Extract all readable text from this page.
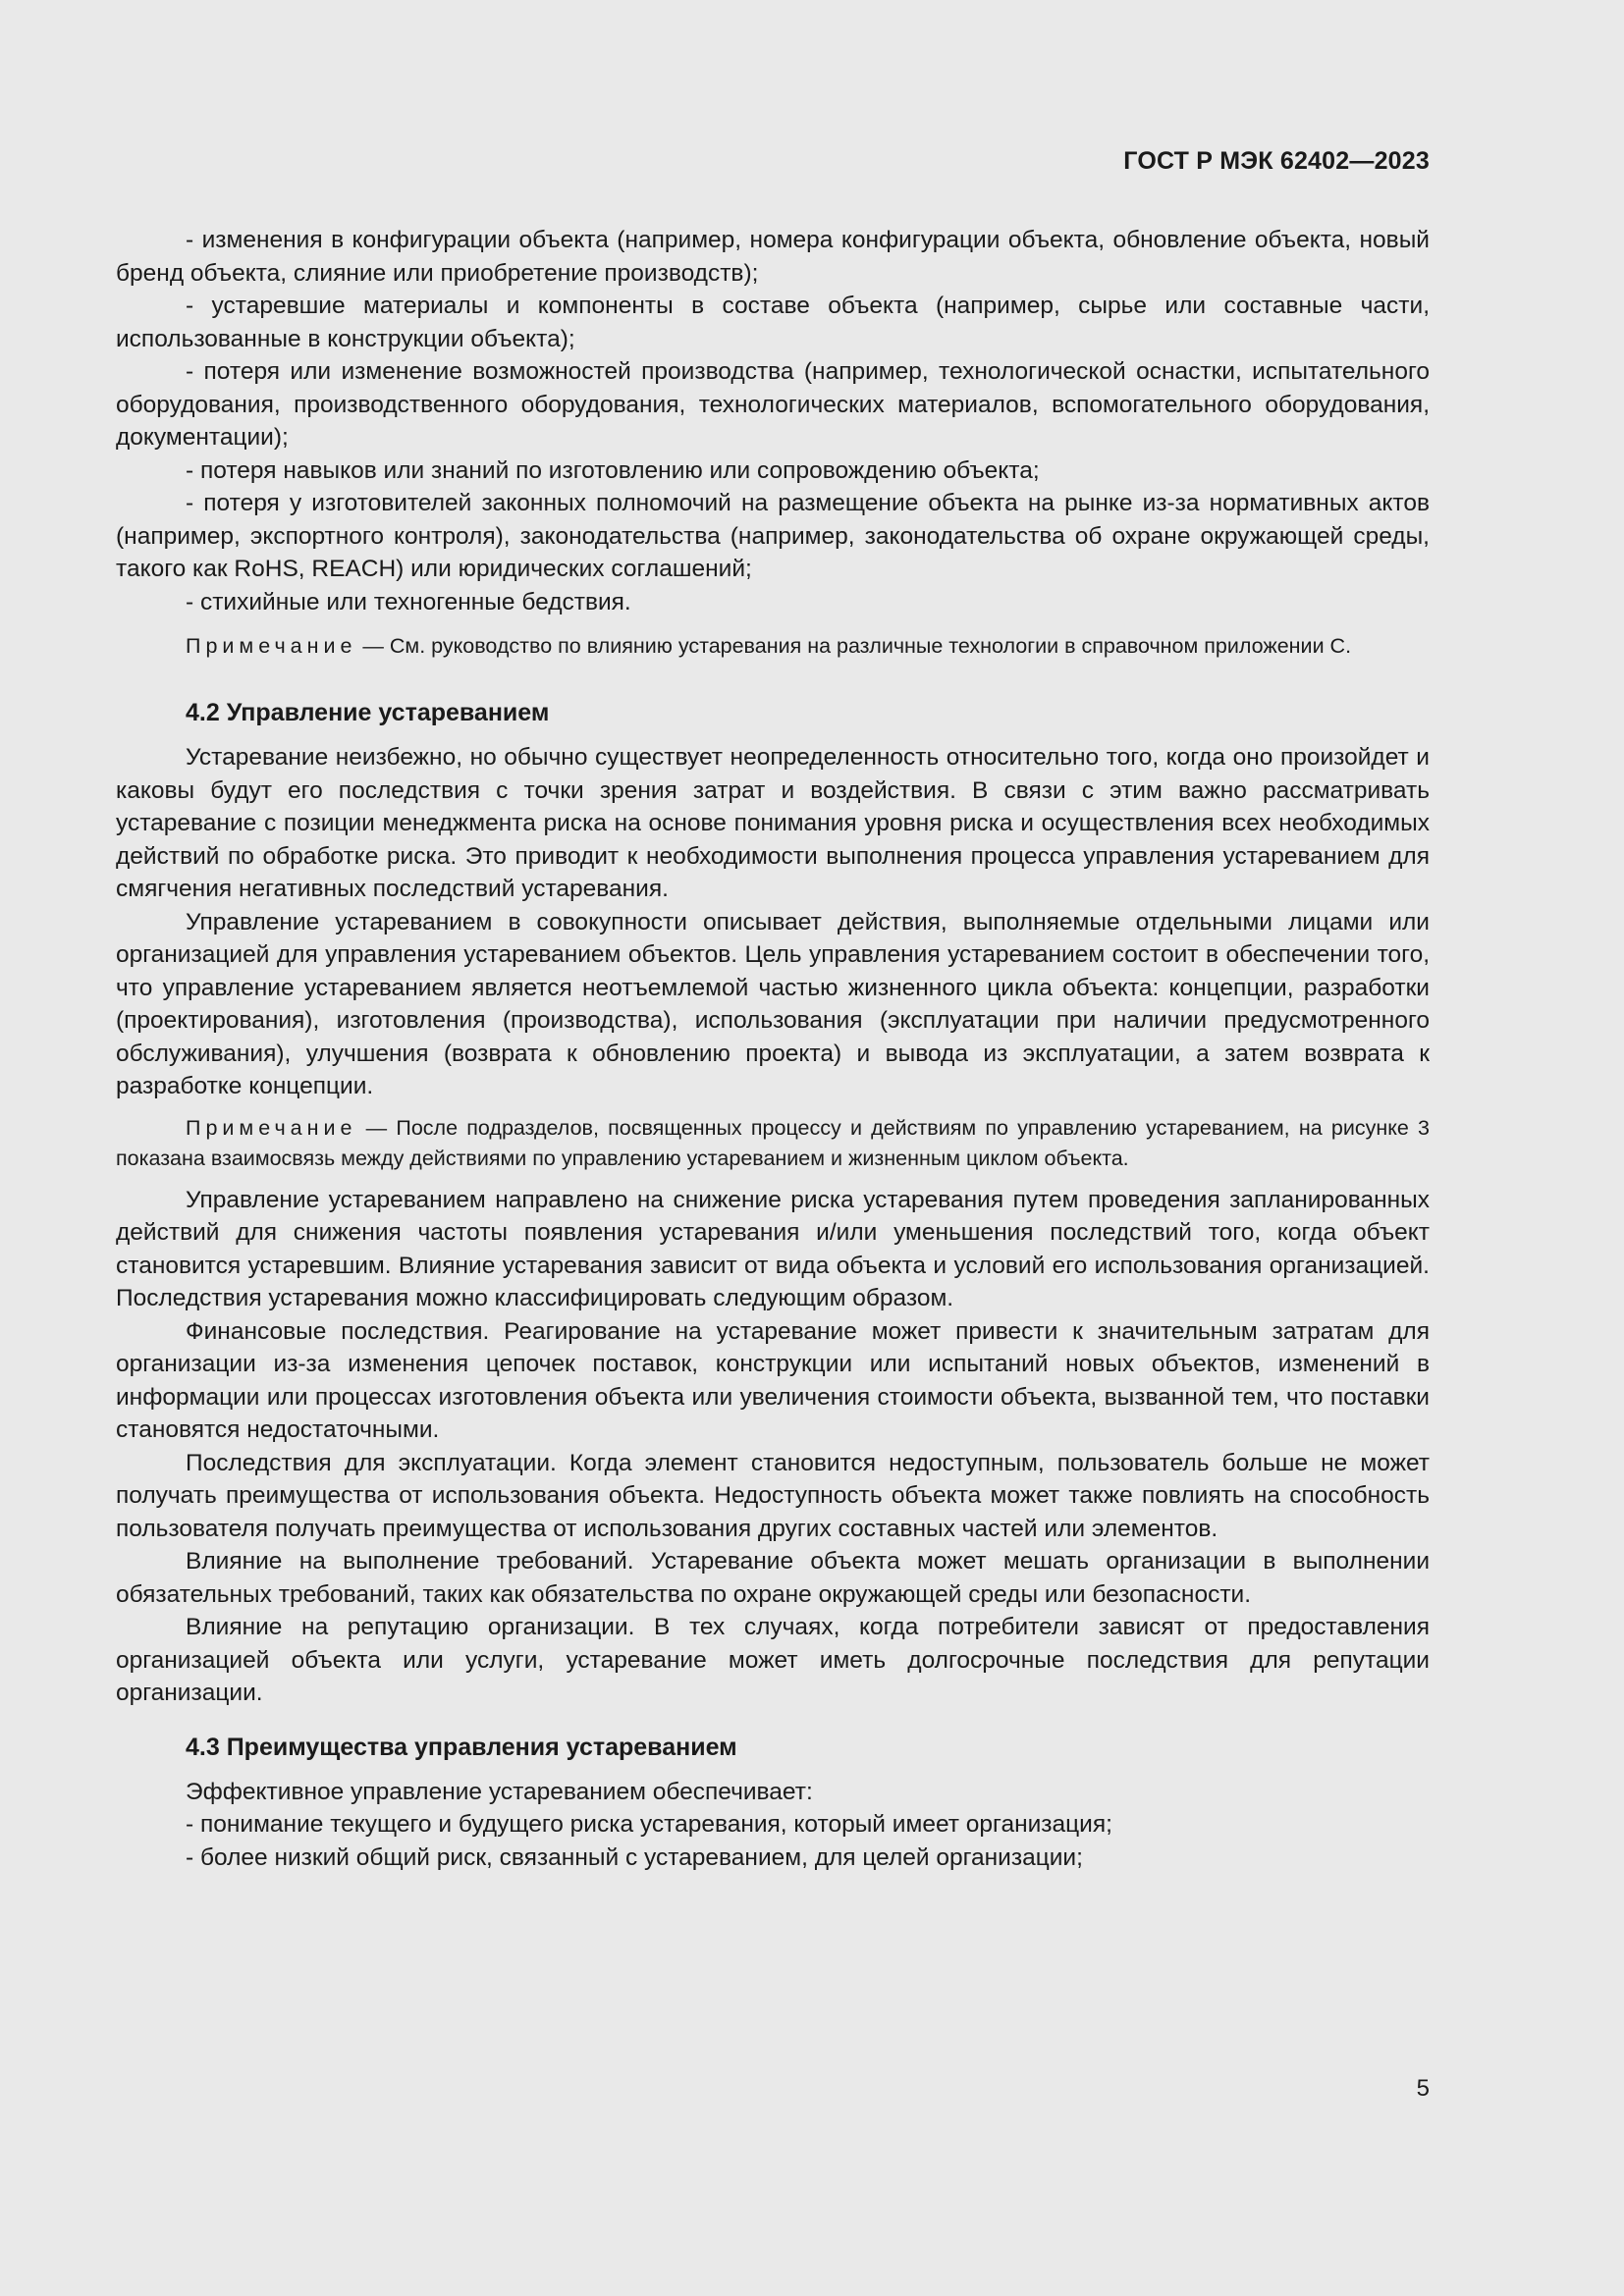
ГОСТ Р МЭК 62402—2023

- изменения в конфигурации объекта (например, номера конфигурации объекта, обновление объекта, новый бренд объекта, слияние или приобретение производств);

- устаревшие материалы и компоненты в составе объекта (например, сырье или составные части, использованные в конструкции объекта);

- потеря или изменение возможностей производства (например, технологической оснастки, испытательного оборудования, производственного оборудования, технологических материалов, вспомогательного оборудования, документации);

- потеря навыков или знаний по изготовлению или сопровождению объекта;

- потеря у изготовителей законных полномочий на размещение объекта на рынке из-за нормативных актов (например, экспортного контроля), законодательства (например, законодательства об охране окружающей среды, такого как RoHS, REACH) или юридических соглашений;

- стихийные или техногенные бедствия.

Примечание — См. руководство по влиянию устаревания на различные технологии в справочном приложении С.

4.2 Управление устареванием

Устаревание неизбежно, но обычно существует неопределенность относительно того, когда оно произойдет и каковы будут его последствия с точки зрения затрат и воздействия. В связи с этим важно рассматривать устаревание с позиции менеджмента риска на основе понимания уровня риска и осуществления всех необходимых действий по обработке риска. Это приводит к необходимости выполнения процесса управления устареванием для смягчения негативных последствий устаревания.

Управление устареванием в совокупности описывает действия, выполняемые отдельными лицами или организацией для управления устареванием объектов. Цель управления устареванием состоит в обеспечении того, что управление устареванием является неотъемлемой частью жизненного цикла объекта: концепции, разработки (проектирования), изготовления (производства), использования (эксплуатации при наличии предусмотренного обслуживания), улучшения (возврата к обновлению проекта) и вывода из эксплуатации, а затем возврата к разработке концепции.

Примечание — После подразделов, посвященных процессу и действиям по управлению устареванием, на рисунке 3 показана взаимосвязь между действиями по управлению устареванием и жизненным циклом объекта.

Управление устареванием направлено на снижение риска устаревания путем проведения запланированных действий для снижения частоты появления устаревания и/или уменьшения последствий того, когда объект становится устаревшим. Влияние устаревания зависит от вида объекта и условий его использования организацией. Последствия устаревания можно классифицировать следующим образом.

Финансовые последствия. Реагирование на устаревание может привести к значительным затратам для организации из-за изменения цепочек поставок, конструкции или испытаний новых объектов, изменений в информации или процессах изготовления объекта или увеличения стоимости объекта, вызванной тем, что поставки становятся недостаточными.

Последствия для эксплуатации. Когда элемент становится недоступным, пользователь больше не может получать преимущества от использования объекта. Недоступность объекта может также повлиять на способность пользователя получать преимущества от использования других составных частей или элементов.

Влияние на выполнение требований. Устаревание объекта может мешать организации в выполнении обязательных требований, таких как обязательства по охране окружающей среды или безопасности.

Влияние на репутацию организации. В тех случаях, когда потребители зависят от предоставления организацией объекта или услуги, устаревание может иметь долгосрочные последствия для репутации организации.

4.3 Преимущества управления устареванием

Эффективное управление устареванием обеспечивает:

- понимание текущего и будущего риска устаревания, который имеет организация;

- более низкий общий риск, связанный с устареванием, для целей организации;

5
